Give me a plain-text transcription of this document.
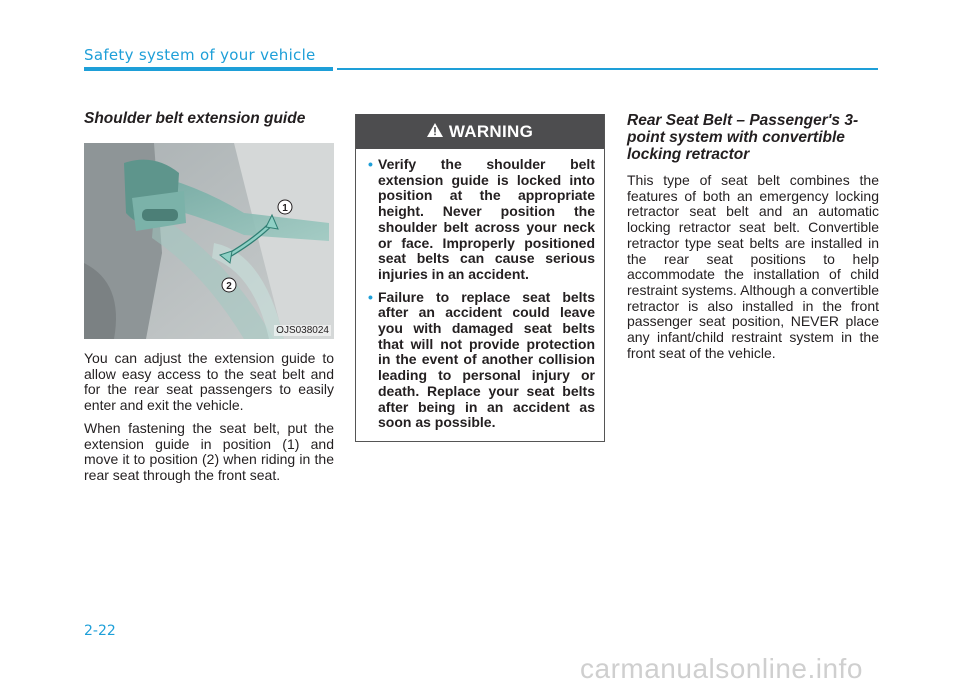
Safety system of your vehicle
Shoulder belt extension guide
1
2
OJS038024

You can adjust the extension guide to allow easy access to the seat belt and for the rear seat passengers to easily enter and exit the vehicle.

When fastening the seat belt, put the extension guide in position (1) and move it to position (2) when riding in the rear seat through the front seat.

WARNING
• Verify the shoulder belt extension guide is locked into position at the appropriate height. Never position the shoulder belt across your neck or face. Improperly positioned seat belts can cause serious injuries in an accident.
• Failure to replace seat belts after an accident could leave you with damaged seat belts that will not provide protection in the event of another collision leading to personal injury or death. Replace your seat belts after being in an accident as soon as possible.
Rear Seat Belt – Passenger's 3-point system with convertible locking retractor

This type of seat belt combines the features of both an emergency locking retractor seat belt and an automatic locking retractor seat belt. Convertible retractor type seat belts are installed in the rear seat positions to help accommodate the installation of child restraint systems. Although a convertible retractor is also installed in the front passenger seat position, NEVER place any infant/child restraint system in the front seat of the vehicle.

2-22
carmanualsonline.info
